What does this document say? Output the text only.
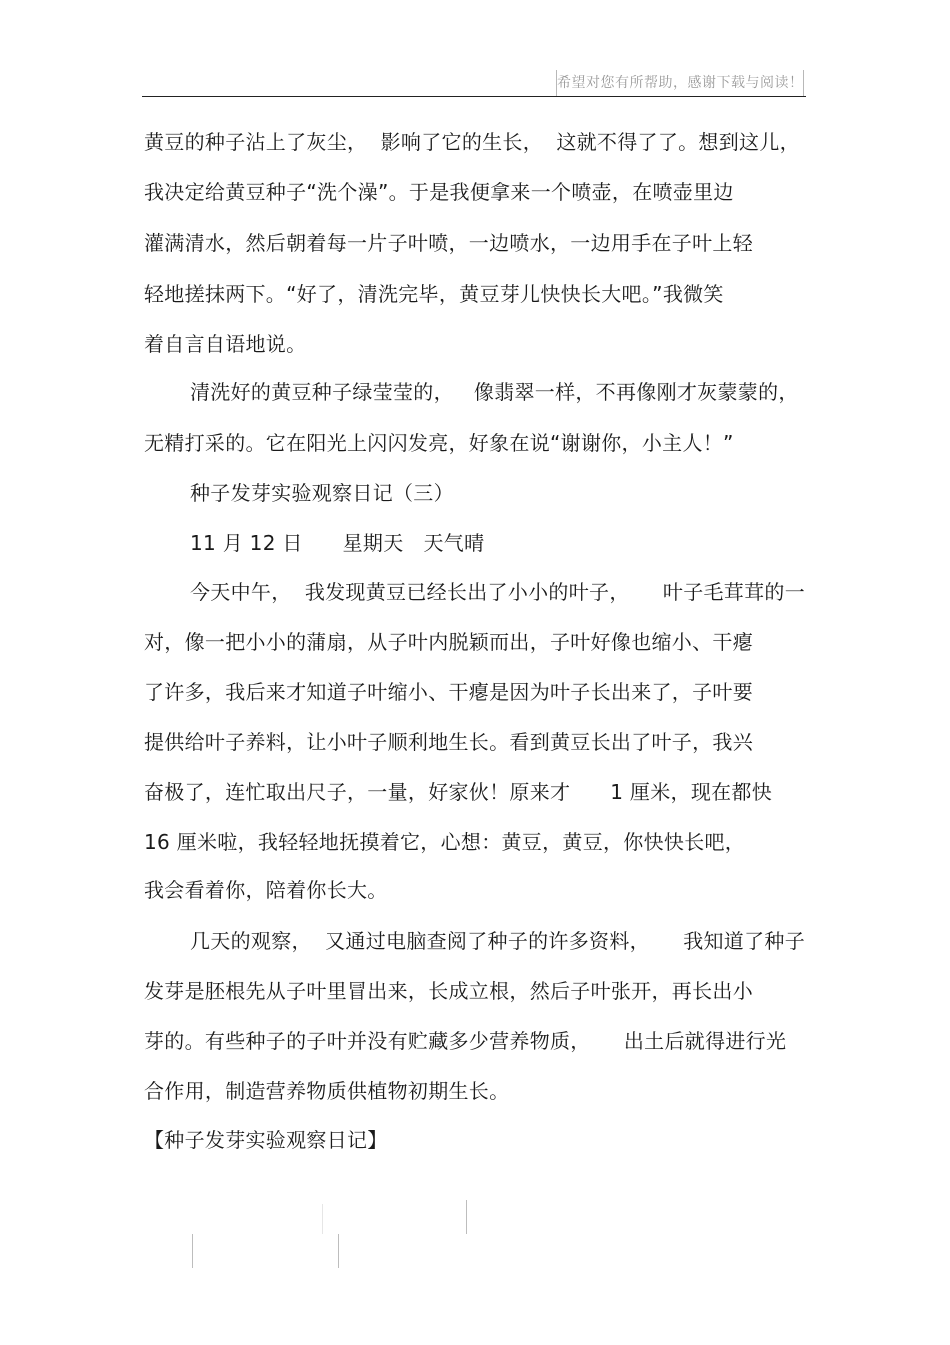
希望对您有所帮助，感谢下载与阅读！
黄豆的种子沾上了灰尘，  影响了它的生长，  这就不得了了。想到这儿，
我决定给黄豆种子“洗个澡”。于是我便拿来一个喷壶，在喷壶里边
灌满清水，然后朝着每一片子叶喷，一边喷水，一边用手在子叶上轻
轻地搓抹两下。“好了，清洗完毕，黄豆芽儿快快长大吧。”我微笑
着自言自语地说。
清洗好的黄豆种子绿莹莹的，   像翡翠一样，不再像刚才灰蒙蒙的，
无精打采的。它在阳光上闪闪发亮，好象在说“谢谢你，小主人！”
种子发芽实验观察日记（三）
11 月 12 日      星期天   天气晴
今天中午，  我发现黄豆已经长出了小小的叶子，     叶子毛茸茸的一
对，像一把小小的蒲扇，从子叶内脱颖而出，子叶好像也缩小、干瘪
了许多，我后来才知道子叶缩小、干瘪是因为叶子长出来了，子叶要
提供给叶子养料，让小叶子顺利地生长。看到黄豆长出了叶子，我兴
奋极了，连忙取出尺子，一量，好家伙！原来才      1 厘米，现在都快
16 厘米啦，我轻轻地抚摸着它，心想：黄豆，黄豆，你快快长吧，
我会看着你，陪着你长大。
几天的观察，  又通过电脑查阅了种子的许多资料，     我知道了种子
发芽是胚根先从子叶里冒出来，长成立根，然后子叶张开，再长出小
芽的。有些种子的子叶并没有贮藏多少营养物质，     出土后就得进行光
合作用，制造营养物质供植物初期生长。
【种子发芽实验观察日记】
